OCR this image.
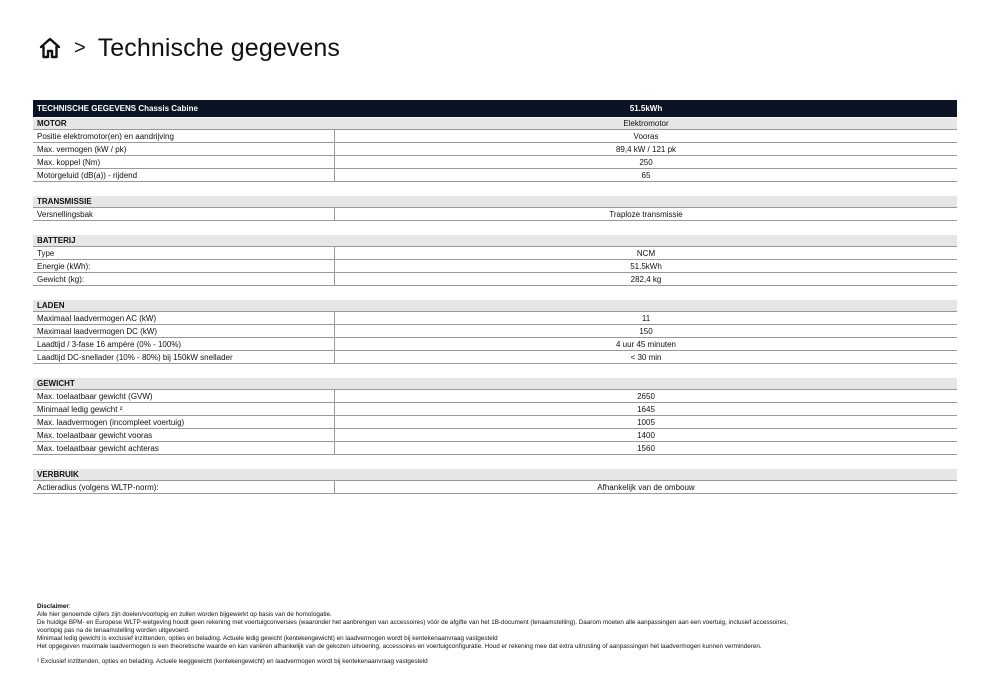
> Technische gegevens
TECHNISCHE GEGEVENS Chassis Cabine	51.5kWh
MOTOR	Elektromotor
Positie elektromotor(en) en aandrijving	Vooras
Max. vermogen (kW / pk)	89,4 kW / 121 pk
Max. koppel (Nm)	250
Motorgeluid (dB(a)) - rijdend	65
TRANSMISSIE
Versnellingsbak	Traploze transmissie
BATTERIJ
Type	NCM
Energie (kWh):	51.5kWh
Gewicht (kg):	282,4 kg
LADEN
Maximaal laadvermogen AC (kW)	11
Maximaal laadvermogen DC (kW)	150
Laadtijd / 3-fase 16 ampère (0% - 100%)	4 uur 45 minuten
Laadtijd DC-snellader (10% - 80%) bij 150kW snellader	< 30 min
GEWICHT
Max. toelaatbaar gewicht (GVW)	2650
Minimaal ledig gewicht ²	1645
Max. laadvermogen (incompleet voertuig)	1005
Max. toelaatbaar gewicht vooras	1400
Max. toelaatbaar gewicht achteras	1560
VERBRUIK
Actieradius (volgens WLTP-norm):	Afhankelijk van de ombouw
Disclaimer:
Alle hier genoemde cijfers zijn doelen/voorlopig en zullen worden bijgewerkt op basis van de homologatie.
De huidige BPM- en Europese WLTP-wetgeving houdt geen rekening met voertuigconversies (waaronder het aanbrengen van accessoires) vóór de afgifte van het 1B-document (tenaamstelling). Daarom moeten alle aanpassingen aan een voertuig, inclusief accessoires,
voorlopig pas na de tenaamstelling worden uitgevoerd.
Minimaal ledig gewicht is exclusief inzittenden, opties en belading. Actuele ledig gewicht (kentekengewicht) en laadvermogen wordt bij kentekenaanvraag vastgesteld
Het opgegeven maximale laadvermogen is een theoretische waarde en kan variëren afhankelijk van de gekozen uitvoering, accessoires en voertuigconfiguratie. Houd er rekening mee dat extra uitrusting of aanpassingen het laadvermogen kunnen verminderen.
² Exclusief inzittenden, opties en belading. Actuele leeggewicht (kentekengewicht) en laadvermogen wordt bij kentekenaanvraag vastgesteld
